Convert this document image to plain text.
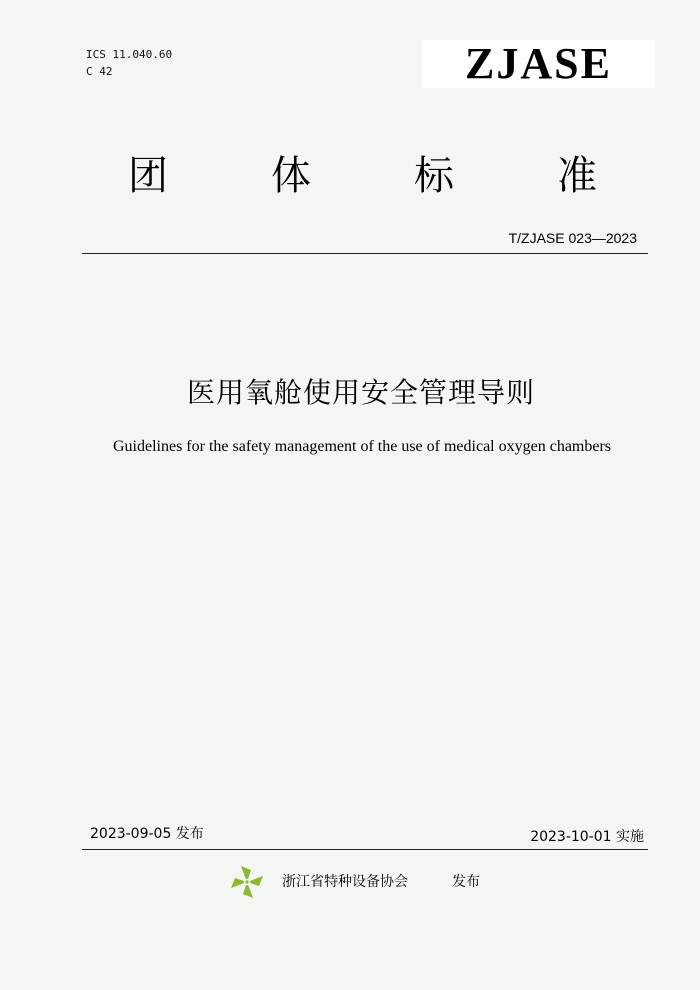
ICS 11.040.60
C 42	ZJASE
团	体	标	准
T/ZJASE 023—2023
医用氧舱使用安全管理导则
Guidelines for the safety management of the use of medical oxygen chambers
2023-09-05 发布	2023-10-01 实施
浙江省特种设备协会	发布
